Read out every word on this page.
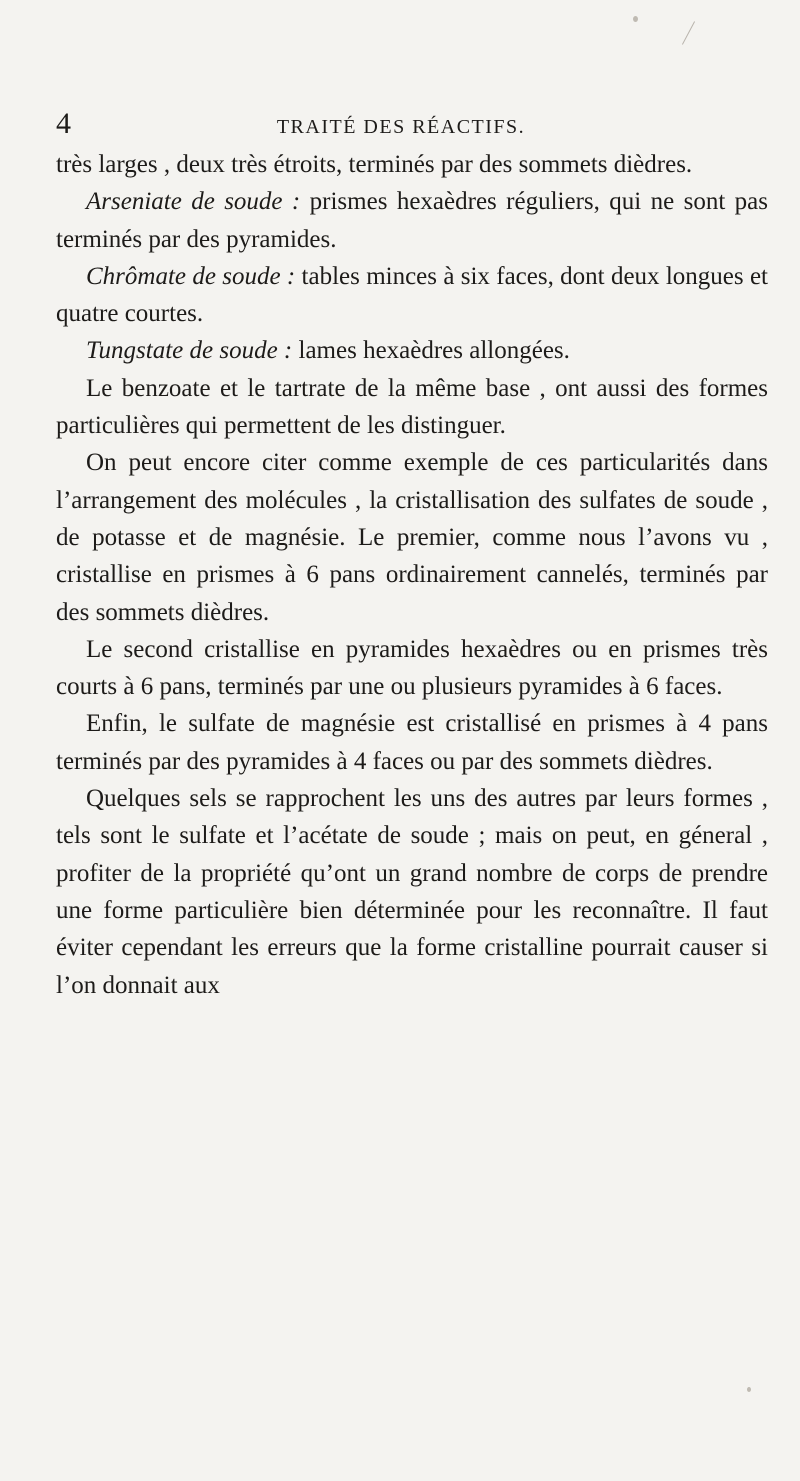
4	TRAITÉ DES RÉACTIFS.

très larges , deux très étroits, terminés par des sommets dièdres.

Arseniate de soude : prismes hexaèdres réguliers, qui ne sont pas terminés par des pyramides.

Chrômate de soude : tables minces à six faces, dont deux longues et quatre courtes.

Tungstate de soude : lames hexaèdres allongées.

Le benzoate et le tartrate de la même base , ont aussi des formes particulières qui permettent de les distinguer.

On peut encore citer comme exemple de ces particularités dans l’arrangement des molécules , la cristallisation des sulfates de soude , de potasse et de magnésie. Le premier, comme nous l’avons vu , cristallise en prismes à 6 pans ordinairement cannelés, terminés par des sommets dièdres.

Le second cristallise en pyramides hexaèdres ou en prismes très courts à 6 pans, terminés par une ou plusieurs pyramides à 6 faces.

Enfin, le sulfate de magnésie est cristallisé en prismes à 4 pans terminés par des pyramides à 4 faces ou par des sommets dièdres.

Quelques sels se rapprochent les uns des autres par leurs formes , tels sont le sulfate et l’acétate de soude ; mais on peut, en géneral , profiter de la propriété qu’ont un grand nombre de corps de prendre une forme particulière bien déterminée pour les reconnaître. Il faut éviter cependant les erreurs que la forme cristalline pourrait causer si l’on donnait aux
